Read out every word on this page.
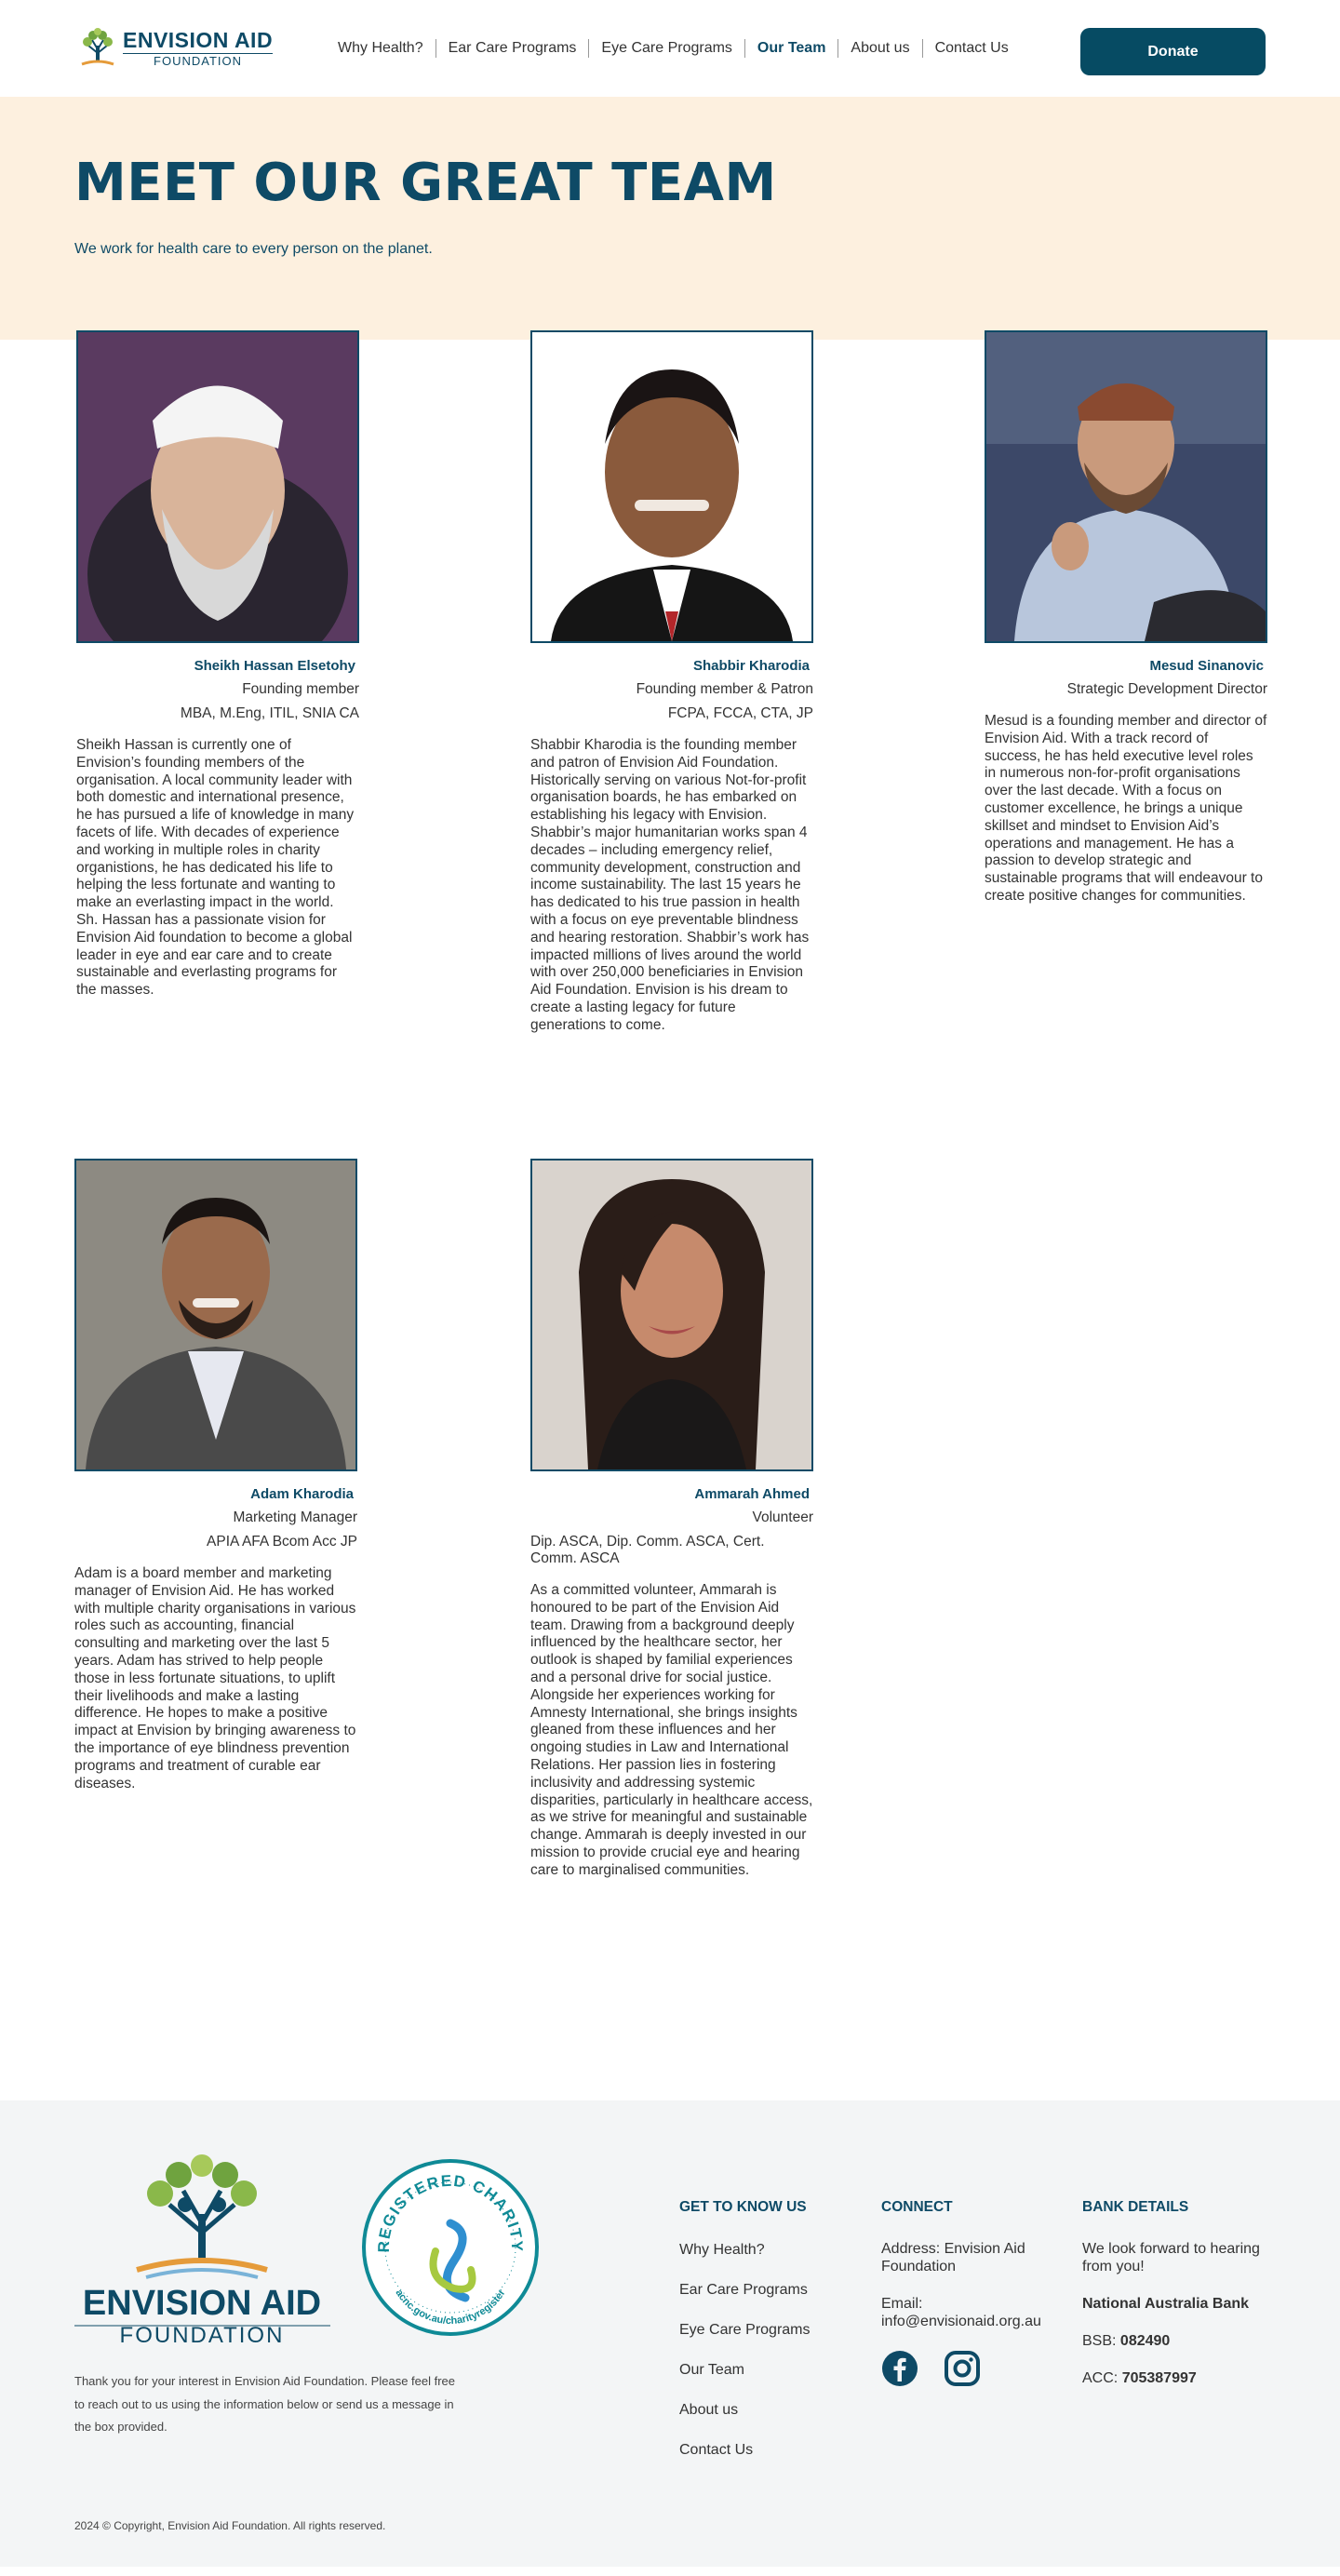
ENVISION AID
FOUNDATION
Why Health?	Ear Care Programs	Eye Care Programs	Our Team	About us	Contact Us	Donate
MEET OUR GREAT TEAM

We work for health care to every person on the planet.

Sheikh Hassan Elsetohy
Founding member
MBA, M.Eng, ITIL, SNIA CA
Sheikh Hassan is currently one of Envision’s founding members of the organisation. A local community leader with both domestic and international presence, he has pursued a life of knowledge in many facets of life. With decades of experience and working in multiple roles in charity organistions, he has dedicated his life to helping the less fortunate and wanting to make an everlasting impact in the world. Sh. Hassan has a passionate vision for Envision Aid foundation to become a global leader in eye and ear care and to create sustainable and everlasting programs for the masses.
Shabbir Kharodia
Founding member & Patron
FCPA, FCCA, CTA, JP
Shabbir Kharodia is the founding member and patron of Envision Aid Foundation. Historically serving on various Not-for-profit organisation boards, he has embarked on establishing his legacy with Envision. Shabbir’s major humanitarian works span 4 decades – including emergency relief, community development, construction and income sustainability. The last 15 years he has dedicated to his true passion in health with a focus on eye preventable blindness and hearing restoration. Shabbir’s work has impacted millions of lives around the world with over 250,000 beneficiaries in Envision Aid Foundation. Envision is his dream to create a lasting legacy for future generations to come.
Mesud Sinanovic
Strategic Development Director
Mesud is a founding member and director of Envision Aid. With a track record of success, he has held executive level roles in numerous non-for-profit organisations over the last decade. With a focus on customer excellence, he brings a unique skillset and mindset to Envision Aid’s operations and management. He has a passion to develop strategic and sustainable programs that will endeavour to create positive changes for communities.
Adam Kharodia
Marketing Manager
APIA AFA Bcom Acc JP
Adam is a board member and marketing manager of Envision Aid. He has worked with multiple charity organisations in various roles such as accounting, financial consulting and marketing over the last 5 years. Adam has strived to help people those in less fortunate situations, to uplift their livelihoods and make a lasting difference. He hopes to make a positive impact at Envision by bringing awareness to the importance of eye blindness prevention programs and treatment of curable ear diseases.
Ammarah Ahmed
Volunteer
Dip. ASCA, Dip. Comm. ASCA, Cert. Comm. ASCA
As a committed volunteer, Ammarah is honoured to be part of the Envision Aid team. Drawing from a background deeply influenced by the healthcare sector, her outlook is shaped by familial experiences and a personal drive for social justice. Alongside her experiences working for Amnesty International, she brings insights gleaned from these influences and her ongoing studies in Law and International Relations. Her passion lies in fostering inclusivity and addressing systemic disparities, particularly in healthcare access, as we strive for meaningful and sustainable change. Ammarah is deeply invested in our mission to provide crucial eye and hearing care to marginalised communities.
ENVISION AID
FOUNDATION
REGISTERED CHARITY
acnc.gov.au/charityregister

Thank you for your interest in Envision Aid Foundation. Please feel free to reach out to us using the information below or send us a message in the box provided.

GET TO KNOW US
Why Health?
Ear Care Programs
Eye Care Programs
Our Team
About us
Contact Us
CONNECT
Address: Envision Aid Foundation
Email: info@envisionaid.org.au
BANK DETAILS
We look forward to hearing from you!
National Australia Bank
BSB: 082490
ACC: 705387997
2024 © Copyright, Envision Aid Foundation. All rights reserved.
